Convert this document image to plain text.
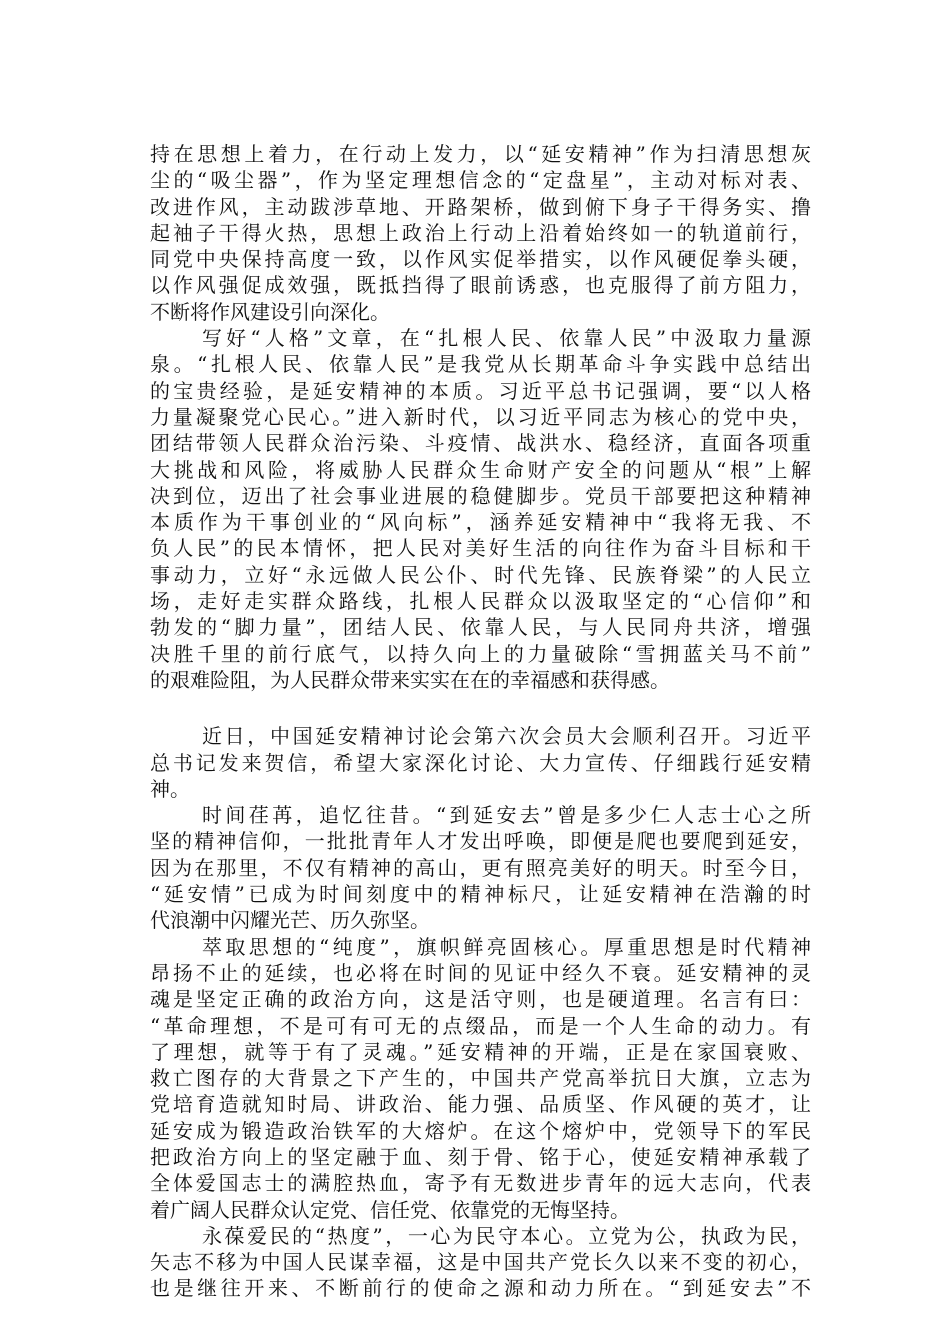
持在思想上着力，在行动上发力，以“延安精神”作为扫清思想灰
尘的“吸尘器”，作为坚定理想信念的“定盘星”，主动对标对表、
改进作风，主动跋涉草地、开路架桥，做到俯下身子干得务实、撸
起袖子干得火热，思想上政治上行动上沿着始终如一的轨道前行，
同党中央保持高度一致，以作风实促举措实，以作风硬促拳头硬，
以作风强促成效强，既抵挡得了眼前诱惑，也克服得了前方阻力，
不断将作风建设引向深化。
写好“人格”文章，在“扎根人民、依靠人民”中汲取力量源
泉。“扎根人民、依靠人民”是我党从长期革命斗争实践中总结出
的宝贵经验，是延安精神的本质。习近平总书记强调，要“以人格
力量凝聚党心民心。”进入新时代，以习近平同志为核心的党中央，
团结带领人民群众治污染、斗疫情、战洪水、稳经济，直面各项重
大挑战和风险，将威胁人民群众生命财产安全的问题从“根”上解
决到位，迈出了社会事业进展的稳健脚步。党员干部要把这种精神
本质作为干事创业的“风向标”，涵养延安精神中“我将无我、不
负人民”的民本情怀，把人民对美好生活的向往作为奋斗目标和干
事动力，立好“永远做人民公仆、时代先锋、民族脊梁”的人民立
场，走好走实群众路线，扎根人民群众以汲取坚定的“心信仰”和
勃发的“脚力量”，团结人民、依靠人民，与人民同舟共济，增强
决胜千里的前行底气，以持久向上的力量破除“雪拥蓝关马不前”
的艰难险阻，为人民群众带来实实在在的幸福感和获得感。
近日，中国延安精神讨论会第六次会员大会顺利召开。习近平
总书记发来贺信，希望大家深化讨论、大力宣传、仔细践行延安精
神。
时间荏苒，追忆往昔。“到延安去”曾是多少仁人志士心之所
坚的精神信仰，一批批青年人才发出呼唤，即便是爬也要爬到延安，
因为在那里，不仅有精神的高山，更有照亮美好的明天。时至今日，
“延安情”已成为时间刻度中的精神标尺，让延安精神在浩瀚的时
代浪潮中闪耀光芒、历久弥坚。
萃取思想的“纯度”，旗帜鲜亮固核心。厚重思想是时代精神
昂扬不止的延续，也必将在时间的见证中经久不衰。延安精神的灵
魂是坚定正确的政治方向，这是活守则，也是硬道理。名言有曰：
“革命理想，不是可有可无的点缀品，而是一个人生命的动力。有
了理想，就等于有了灵魂。”延安精神的开端，正是在家国衰败、
救亡图存的大背景之下产生的，中国共产党高举抗日大旗，立志为
党培育造就知时局、讲政治、能力强、品质坚、作风硬的英才，让
延安成为锻造政治铁军的大熔炉。在这个熔炉中，党领导下的军民
把政治方向上的坚定融于血、刻于骨、铭于心，使延安精神承载了
全体爱国志士的满腔热血，寄予有无数进步青年的远大志向，代表
着广阔人民群众认定党、信任党、依靠党的无悔坚持。
永葆爱民的“热度”，一心为民守本心。立党为公，执政为民，
矢志不移为中国人民谋幸福，这是中国共产党长久以来不变的初心，
也是继往开来、不断前行的使命之源和动力所在。“到延安去”不
